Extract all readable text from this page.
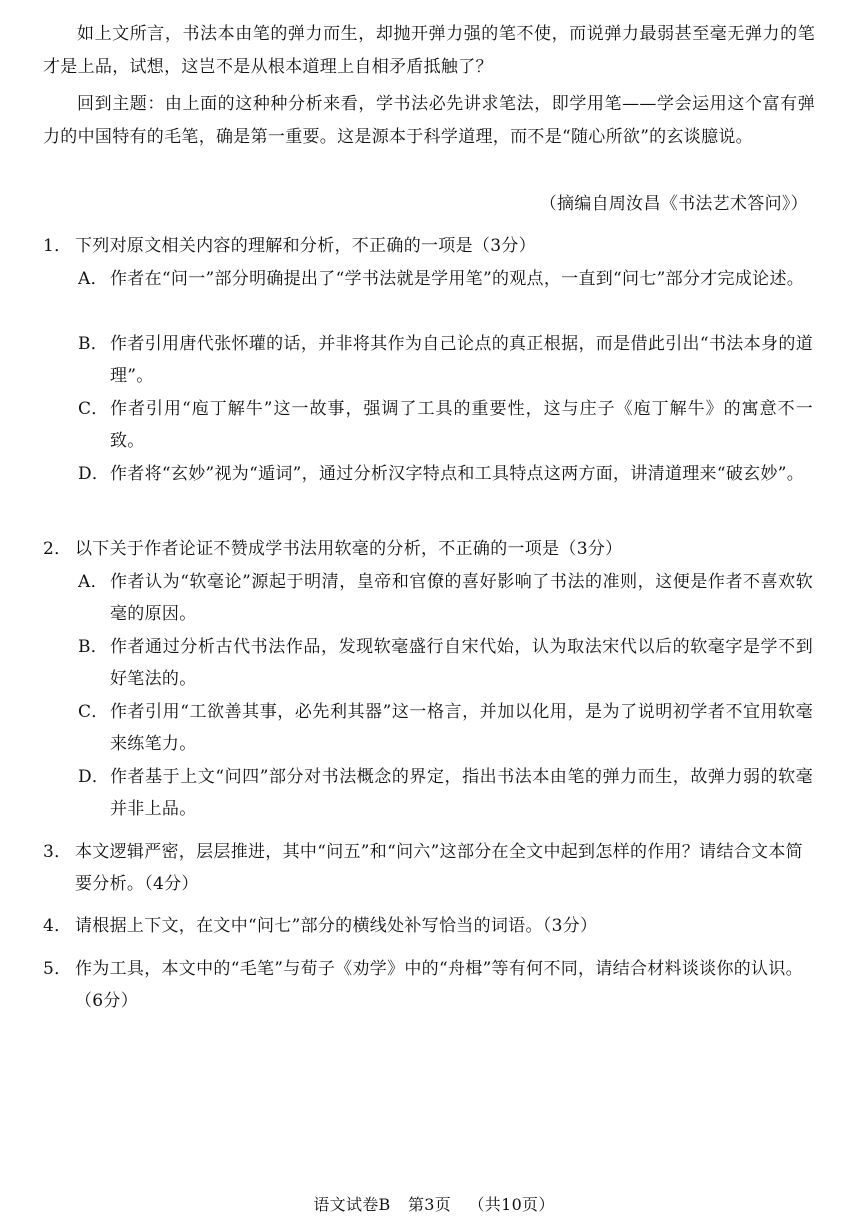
如上文所言，书法本由笔的弹力而生，却抛开弹力强的笔不使，而说弹力最弱甚至毫无弹力的笔才是上品，试想，这岂不是从根本道理上自相矛盾抵触了？

回到主题：由上面的这种种分析来看，学书法必先讲求笔法，即学用笔——学会运用这个富有弹力的中国特有的毛笔，确是第一重要。这是源本于科学道理，而不是“随心所欲”的玄谈臆说。

（摘编自周汝昌《书法艺术答问》）
1． 下列对原文相关内容的理解和分析，不正确的一项是（3分）
A． 作者在“问一”部分明确提出了“学书法就是学用笔”的观点，一直到“问七”部分才完成论述。
B． 作者引用唐代张怀瓘的话，并非将其作为自己论点的真正根据，而是借此引出“书法本身的道理”。
C． 作者引用“庖丁解牛”这一故事，强调了工具的重要性，这与庄子《庖丁解牛》的寓意不一致。
D． 作者将“玄妙”视为“遁词”，通过分析汉字特点和工具特点这两方面，讲清道理来“破玄妙”。
2． 以下关于作者论证不赞成学书法用软毫的分析，不正确的一项是（3分）
A． 作者认为“软毫论”源起于明清，皇帝和官僚的喜好影响了书法的准则，这便是作者不喜欢软毫的原因。
B． 作者通过分析古代书法作品，发现软毫盛行自宋代始，认为取法宋代以后的软毫字是学不到好笔法的。
C． 作者引用“工欲善其事，必先利其器”这一格言，并加以化用，是为了说明初学者不宜用软毫来练笔力。
D． 作者基于上文“问四”部分对书法概念的界定，指出书法本由笔的弹力而生，故弹力弱的软毫并非上品。
3． 本文逻辑严密，层层推进，其中“问五”和“问六”这部分在全文中起到怎样的作用？请结合文本简要分析。（4分）
4． 请根据上下文，在文中“问七”部分的横线处补写恰当的词语。（3分）
5． 作为工具，本文中的“毛笔”与荀子《劝学》中的“舟楫”等有何不同，请结合材料谈谈你的认识。（6分）
语文试卷B 第3页 （共10页）
